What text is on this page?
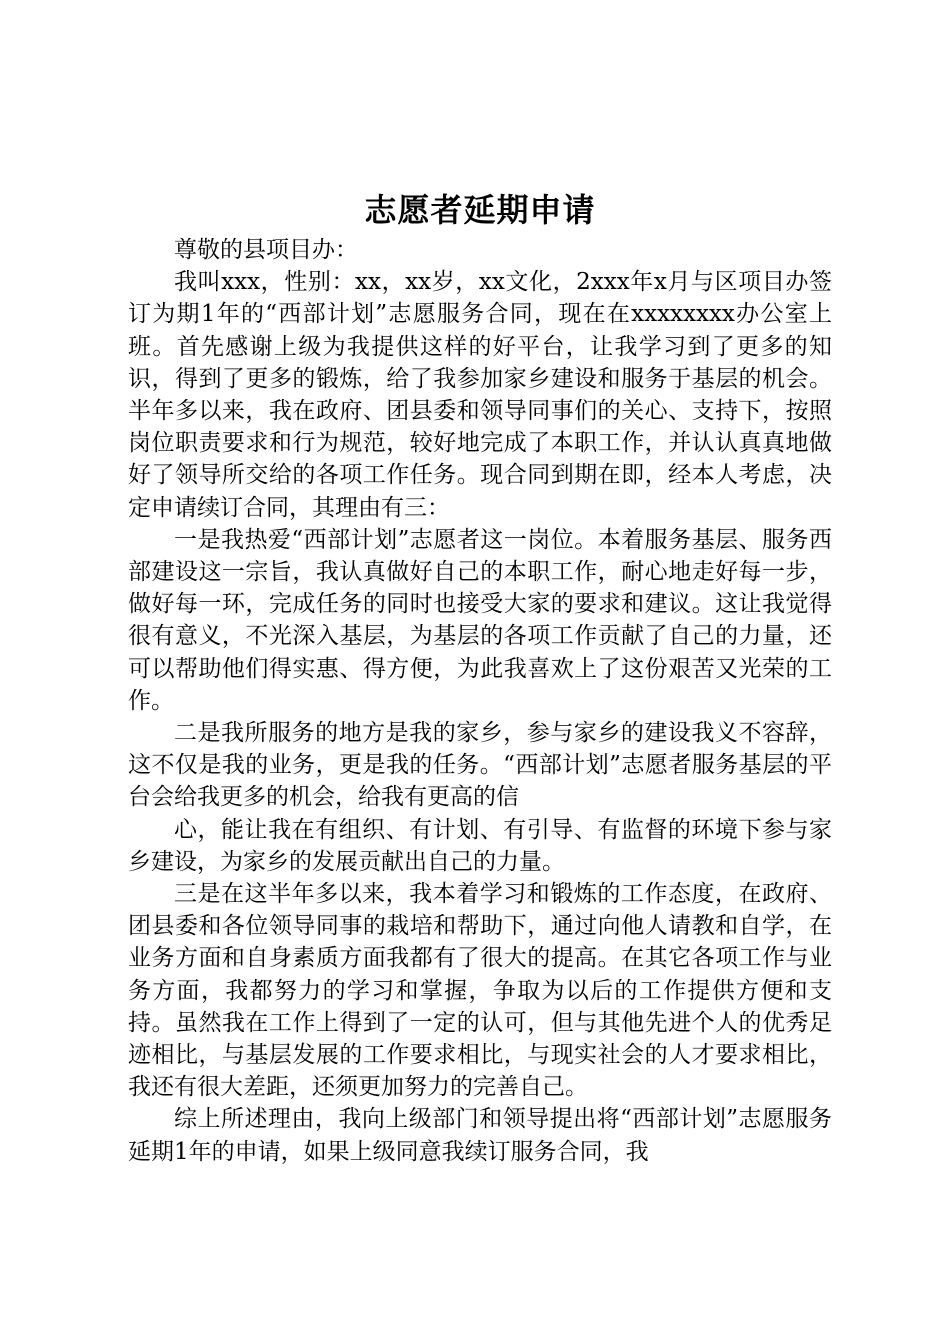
志愿者延期申请

尊敬的县项目办：

我叫xxx，性别：xx，xx岁，xx文化，2xxx年x月与区项目办签订为期1年的“西部计划”志愿服务合同，现在在xxxxxxxx办公室上班。首先感谢上级为我提供这样的好平台，让我学习到了更多的知识，得到了更多的锻炼，给了我参加家乡建设和服务于基层的机会。半年多以来，我在政府、团县委和领导同事们的关心、支持下，按照岗位职责要求和行为规范，较好地完成了本职工作，并认认真真地做好了领导所交给的各项工作任务。现合同到期在即，经本人考虑，决定申请续订合同，其理由有三：

一是我热爱“西部计划”志愿者这一岗位。本着服务基层、服务西部建设这一宗旨，我认真做好自己的本职工作，耐心地走好每一步，做好每一环，完成任务的同时也接受大家的要求和建议。这让我觉得很有意义，不光深入基层，为基层的各项工作贡献了自己的力量，还可以帮助他们得实惠、得方便，为此我喜欢上了这份艰苦又光荣的工作。

二是我所服务的地方是我的家乡，参与家乡的建设我义不容辞，这不仅是我的业务，更是我的任务。“西部计划”志愿者服务基层的平台会给我更多的机会，给我有更高的信

心，能让我在有组织、有计划、有引导、有监督的环境下参与家乡建设，为家乡的发展贡献出自己的力量。

三是在这半年多以来，我本着学习和锻炼的工作态度，在政府、团县委和各位领导同事的栽培和帮助下，通过向他人请教和自学，在业务方面和自身素质方面我都有了很大的提高。在其它各项工作与业务方面，我都努力的学习和掌握，争取为以后的工作提供方便和支持。虽然我在工作上得到了一定的认可，但与其他先进个人的优秀足迹相比，与基层发展的工作要求相比，与现实社会的人才要求相比，我还有很大差距，还须更加努力的完善自己。

综上所述理由，我向上级部门和领导提出将“西部计划”志愿服务延期1年的申请，如果上级同意我续订服务合同，我
